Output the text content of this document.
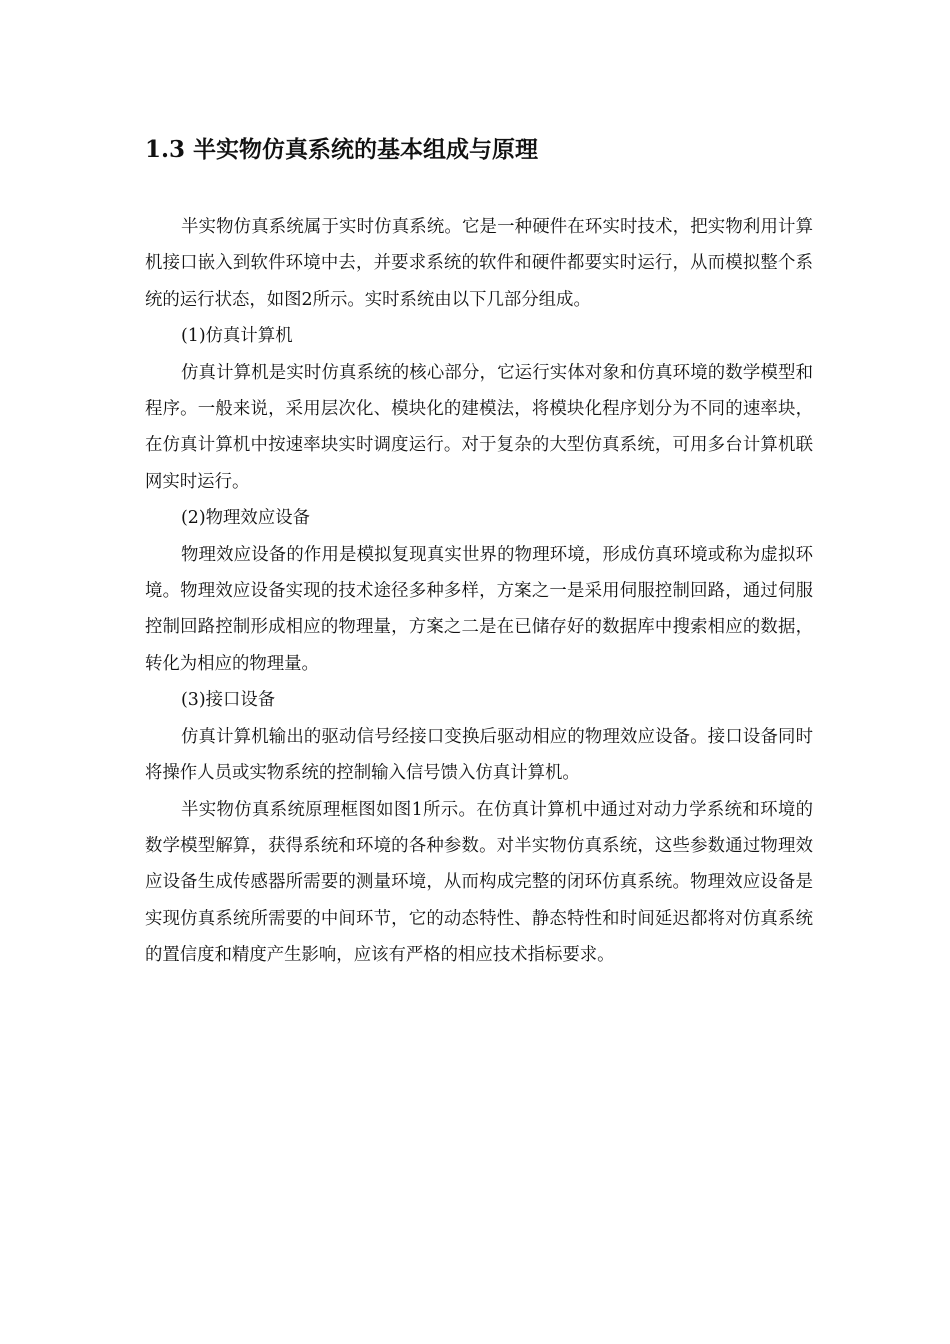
1.3 半实物仿真系统的基本组成与原理

半实物仿真系统属于实时仿真系统。它是一种硬件在环实时技术，把实物利用计算机接口嵌入到软件环境中去，并要求系统的软件和硬件都要实时运行，从而模拟整个系统的运行状态，如图2所示。实时系统由以下几部分组成。

(1)仿真计算机

仿真计算机是实时仿真系统的核心部分，它运行实体对象和仿真环境的数学模型和程序。一般来说，采用层次化、模块化的建模法，将模块化程序划分为不同的速率块，在仿真计算机中按速率块实时调度运行。对于复杂的大型仿真系统，可用多台计算机联网实时运行。

(2)物理效应设备

物理效应设备的作用是模拟复现真实世界的物理环境，形成仿真环境或称为虚拟环境。物理效应设备实现的技术途径多种多样，方案之一是采用伺服控制回路，通过伺服控制回路控制形成相应的物理量，方案之二是在已储存好的数据库中搜索相应的数据，转化为相应的物理量。

(3)接口设备

仿真计算机输出的驱动信号经接口变换后驱动相应的物理效应设备。接口设备同时将操作人员或实物系统的控制输入信号馈入仿真计算机。

半实物仿真系统原理框图如图1所示。在仿真计算机中通过对动力学系统和环境的数学模型解算，获得系统和环境的各种参数。对半实物仿真系统，这些参数通过物理效应设备生成传感器所需要的测量环境，从而构成完整的闭环仿真系统。物理效应设备是实现仿真系统所需要的中间环节，它的动态特性、静态特性和时间延迟都将对仿真系统的置信度和精度产生影响，应该有严格的相应技术指标要求。
